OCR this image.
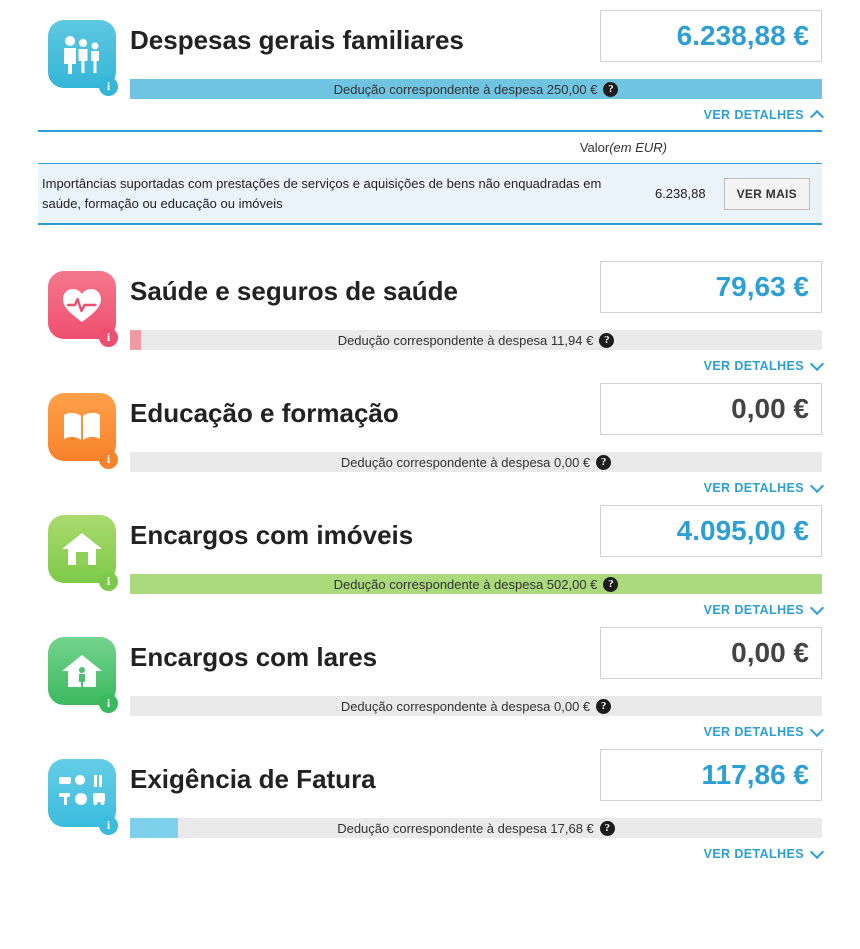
i
Despesas gerais familiares	6.238,88 €
Dedução correspondente à despesa 250,00 € ?
VER DETALHES
Valor (em EUR)
Importâncias suportadas com prestações de serviços e aquisições de bens não enquadradas em saúde, formação ou educação ou imóveis
6.238,88	VER MAIS
i
Saúde e seguros de saúde	79,63 €
Dedução correspondente à despesa 11,94 € ?
VER DETALHES
i
Educação e formação	0,00 €
Dedução correspondente à despesa 0,00 € ?
VER DETALHES
i
Encargos com imóveis	4.095,00 €
Dedução correspondente à despesa 502,00 € ?
VER DETALHES
i
Encargos com lares	0,00 €
Dedução correspondente à despesa 0,00 € ?
VER DETALHES
i
Exigência de Fatura	117,86 €
Dedução correspondente à despesa 17,68 € ?
VER DETALHES
